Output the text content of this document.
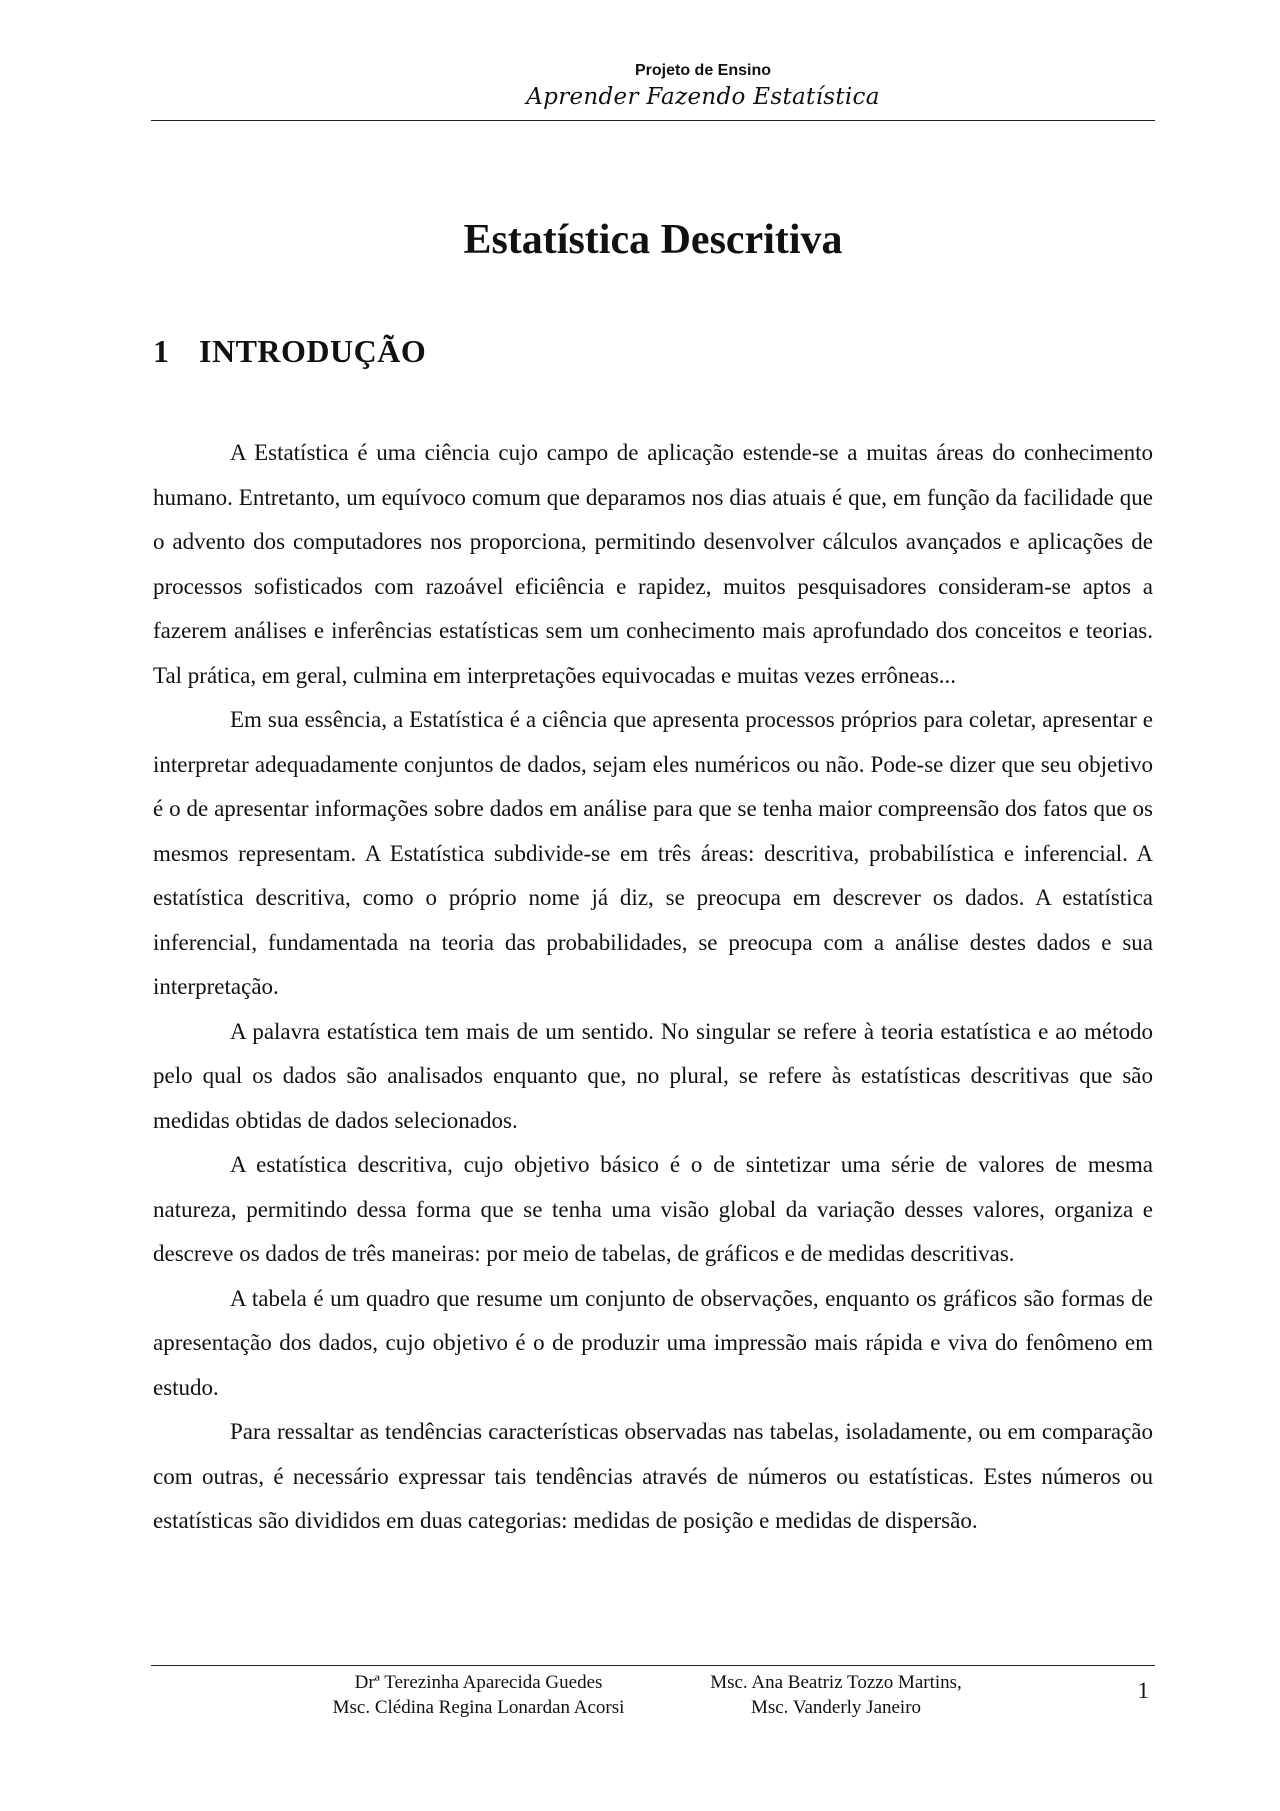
Projeto de Ensino
Aprender Fazendo Estatística
Estatística Descritiva
1 INTRODUÇÃO

A Estatística é uma ciência cujo campo de aplicação estende-se a muitas áreas do conhecimento humano. Entretanto, um equívoco comum que deparamos nos dias atuais é que, em função da facilidade que o advento dos computadores nos proporciona, permitindo desenvolver cálculos avançados e aplicações de processos sofisticados com razoável eficiência e rapidez, muitos pesquisadores consideram-se aptos a fazerem análises e inferências estatísticas sem um conhecimento mais aprofundado dos conceitos e teorias. Tal prática, em geral, culmina em interpretações equivocadas e muitas vezes errôneas...

Em sua essência, a Estatística é a ciência que apresenta processos próprios para coletar, apresentar e interpretar adequadamente conjuntos de dados, sejam eles numéricos ou não. Pode-se dizer que seu objetivo é o de apresentar informações sobre dados em análise para que se tenha maior compreensão dos fatos que os mesmos representam. A Estatística subdivide-se em três áreas: descritiva, probabilística e inferencial. A estatística descritiva, como o próprio nome já diz, se preocupa em descrever os dados. A estatística inferencial, fundamentada na teoria das probabilidades, se preocupa com a análise destes dados e sua interpretação.

A palavra estatística tem mais de um sentido. No singular se refere à teoria estatística e ao método pelo qual os dados são analisados enquanto que, no plural, se refere às estatísticas descritivas que são medidas obtidas de dados selecionados.

A estatística descritiva, cujo objetivo básico é o de sintetizar uma série de valores de mesma natureza, permitindo dessa forma que se tenha uma visão global da variação desses valores, organiza e descreve os dados de três maneiras: por meio de tabelas, de gráficos e de medidas descritivas.

A tabela é um quadro que resume um conjunto de observações, enquanto os gráficos são formas de apresentação dos dados, cujo objetivo é o de produzir uma impressão mais rápida e viva do fenômeno em estudo.

Para ressaltar as tendências características observadas nas tabelas, isoladamente, ou em comparação com outras, é necessário expressar tais tendências através de números ou estatísticas. Estes números ou estatísticas são divididos em duas categorias: medidas de posição e medidas de dispersão.

Drª Terezinha Aparecida Guedes
Msc. Clédina Regina Lonardan Acorsi
Msc. Ana Beatriz Tozzo Martins,
Msc. Vanderly Janeiro
1
